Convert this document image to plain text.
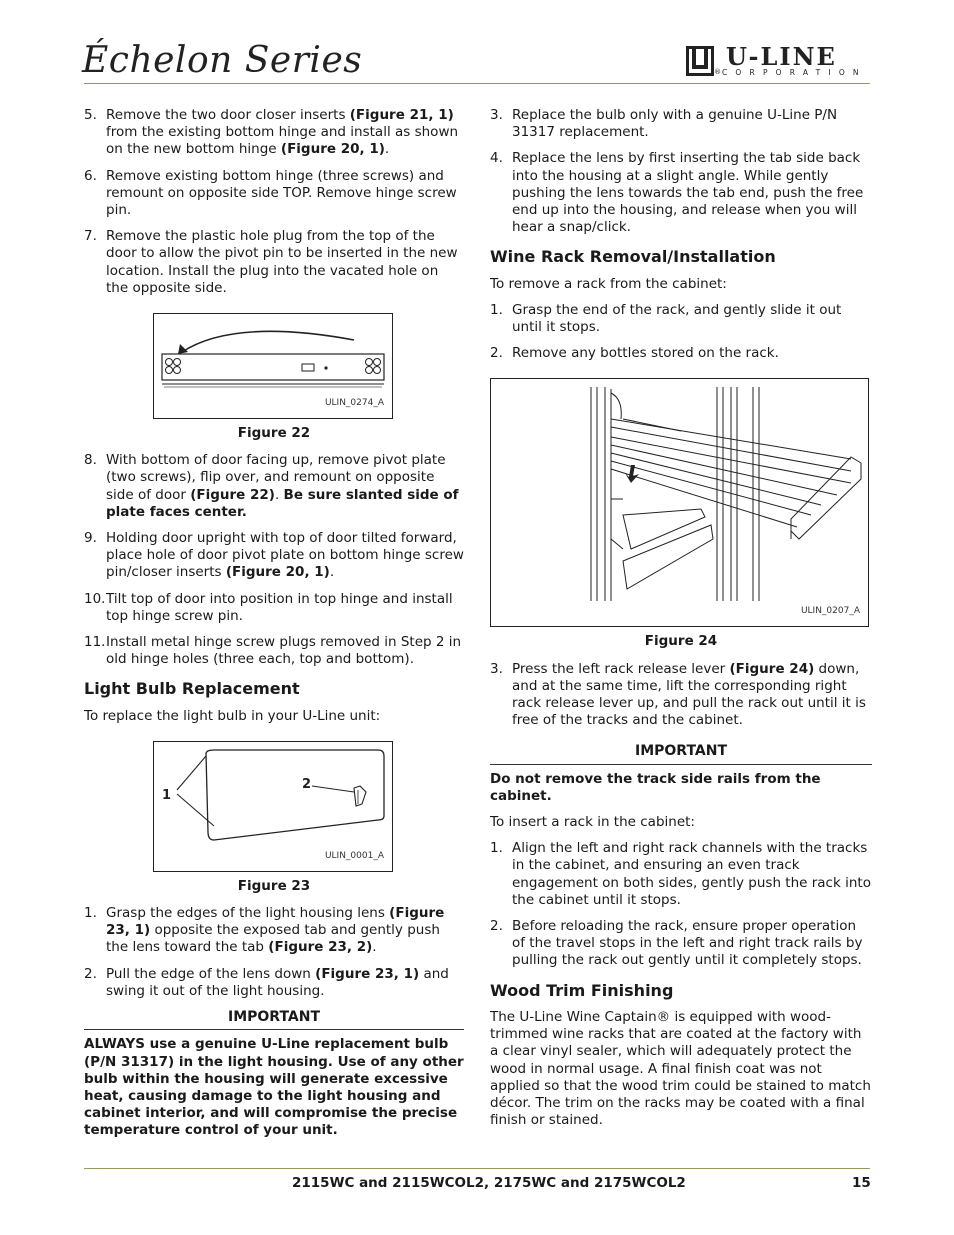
Échelon Series	U-LINE
® CORPORATION
5. Remove the two door closer inserts (Figure 21, 1) from the existing bottom hinge and install as shown on the new bottom hinge (Figure 20, 1).
6. Remove existing bottom hinge (three screws) and remount on opposite side TOP. Remove hinge screw pin.
7. Remove the plastic hole plug from the top of the door to allow the pivot pin to be inserted in the new location. Install the plug into the vacated hole on the opposite side.
ULIN_0274_A
Figure 22
8. With bottom of door facing up, remove pivot plate (two screws), flip over, and remount on opposite side of door (Figure 22). Be sure slanted side of plate faces center.
9. Holding door upright with top of door tilted forward, place hole of door pivot plate on bottom hinge screw pin/closer inserts (Figure 20, 1).
10. Tilt top of door into position in top hinge and install top hinge screw pin.
11. Install metal hinge screw plugs removed in Step 2 in old hinge holes (three each, top and bottom).
Light Bulb Replacement
To replace the light bulb in your U-Line unit:
1
2
ULIN_0001_A
Figure 23
1. Grasp the edges of the light housing lens (Figure 23, 1) opposite the exposed tab and gently push the lens toward the tab (Figure 23, 2).
2. Pull the edge of the lens down (Figure 23, 1) and swing it out of the light housing.
IMPORTANT
ALWAYS use a genuine U-Line replacement bulb (P/N 31317) in the light housing. Use of any other bulb within the housing will generate excessive heat, causing damage to the light housing and cabinet interior, and will compromise the precise temperature control of your unit.
3. Replace the bulb only with a genuine U-Line P/N 31317 replacement.
4. Replace the lens by first inserting the tab side back into the housing at a slight angle. While gently pushing the lens towards the tab end, push the free end up into the housing, and release when you will hear a snap/click.
Wine Rack Removal/Installation
To remove a rack from the cabinet:
1. Grasp the end of the rack, and gently slide it out until it stops.
2. Remove any bottles stored on the rack.
ULIN_0207_A
Figure 24
3. Press the left rack release lever (Figure 24) down, and at the same time, lift the corresponding right rack release lever up, and pull the rack out until it is free of the tracks and the cabinet.
IMPORTANT
Do not remove the track side rails from the cabinet.
To insert a rack in the cabinet:
1. Align the left and right rack channels with the tracks in the cabinet, and ensuring an even track engagement on both sides, gently push the rack into the cabinet until it stops.
2. Before reloading the rack, ensure proper operation of the travel stops in the left and right track rails by pulling the rack out gently until it completely stops.
Wood Trim Finishing
The U-Line Wine Captain® is equipped with wood-trimmed wine racks that are coated at the factory with a clear vinyl sealer, which will adequately protect the wood in normal usage. A final finish coat was not applied so that the wood trim could be stained to match décor. The trim on the racks may be coated with a final finish or stained.
2115WC and 2115WCOL2, 2175WC and 2175WCOL2	15
